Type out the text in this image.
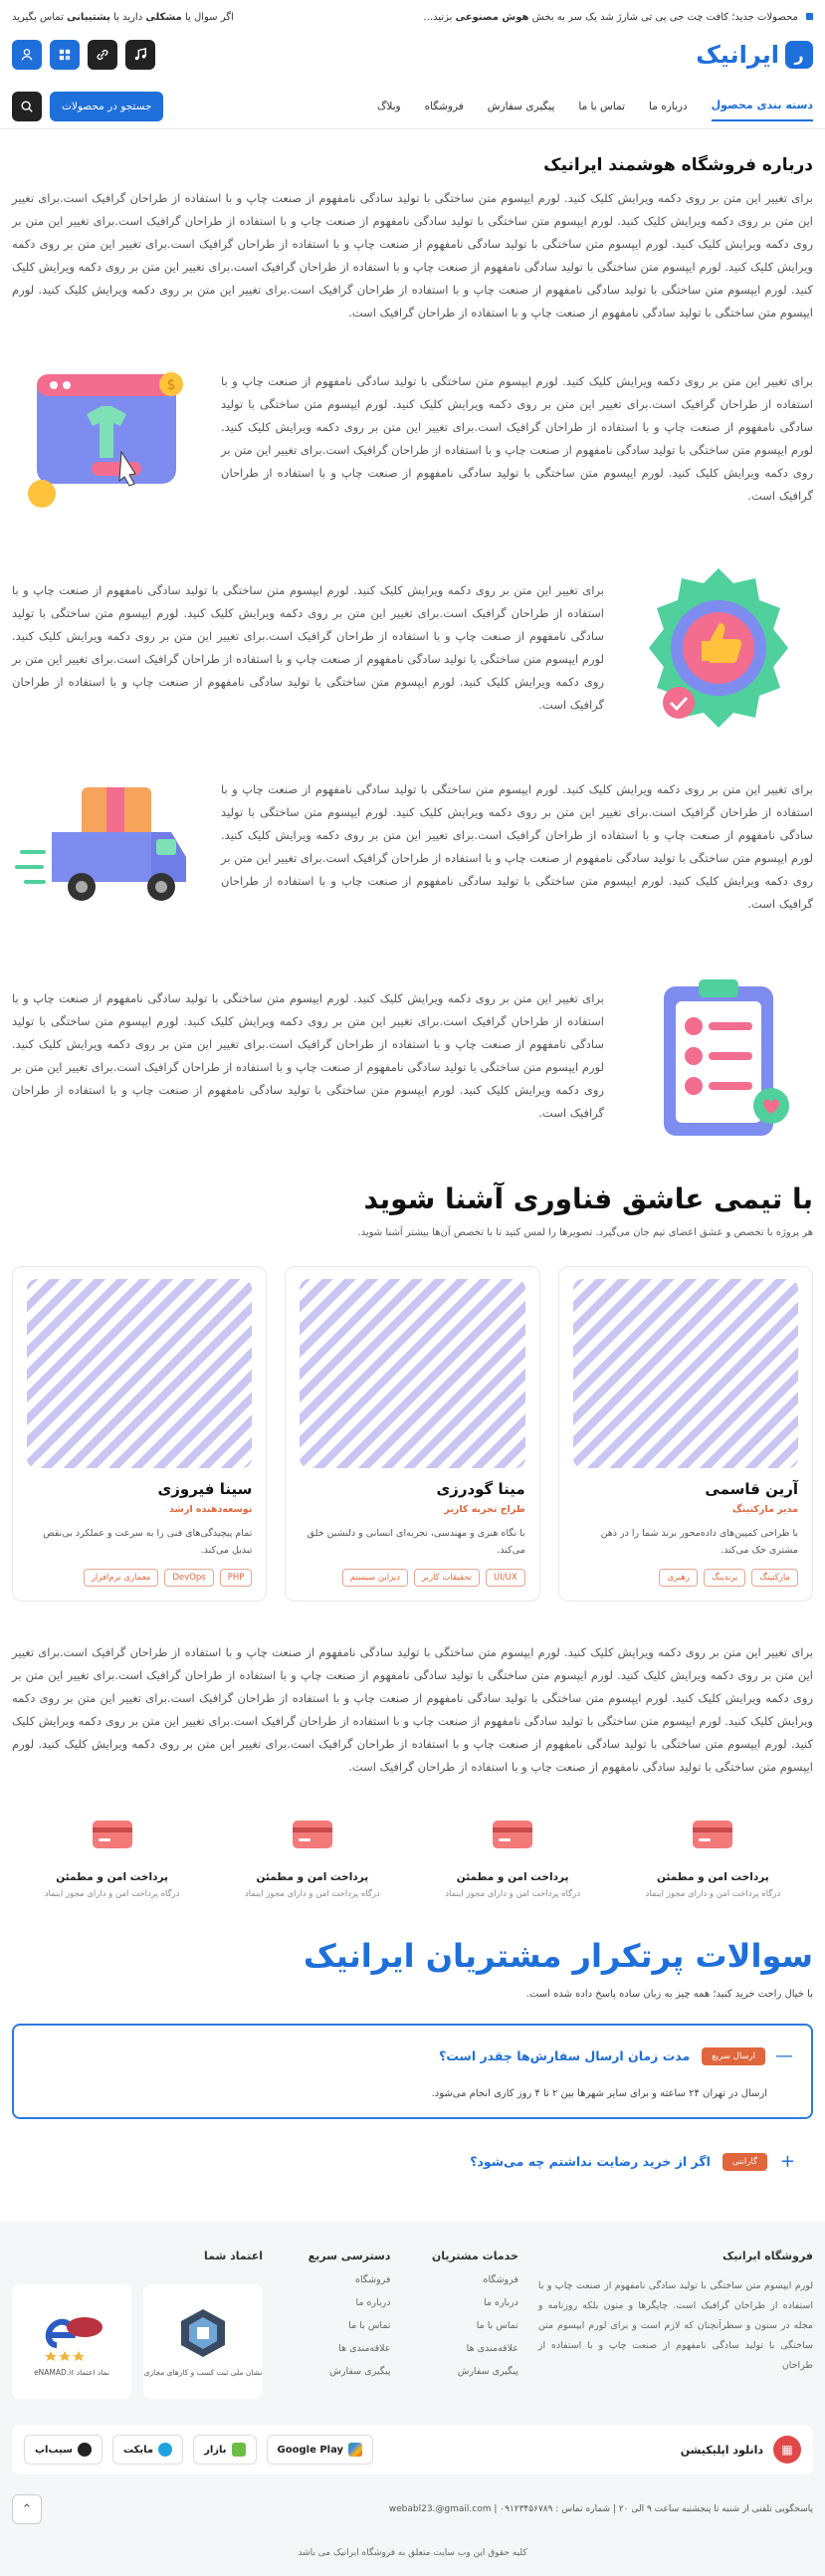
محصولات جدید؛ کافت چت جی پی تی شارژ شد یک سر به بخش هوش مصنوعی بزنید...
اگر سوال یا مشکلی دارید با پشتیبانی تماس بگیرید
ر
ایرانیک
دسته بندی محصول
درباره ما
تماس با ما
پیگیری سفارش
فروشگاه
وبلاگ
جستجو در محصولات
درباره فروشگاه هوشمند ایرانیک

برای تغییر این متن بر روی دکمه ویرایش کلیک کنید. لورم ایپسوم متن ساختگی با تولید سادگی نامفهوم از صنعت چاپ و با استفاده از طراحان گرافیک است.برای تغییر این متن بر روی دکمه ویرایش کلیک کنید. لورم ایپسوم متن ساختگی با تولید سادگی نامفهوم از صنعت چاپ و با استفاده از طراحان گرافیک است.برای تغییر این متن بر روی دکمه ویرایش کلیک کنید. لورم ایپسوم متن ساختگی با تولید سادگی نامفهوم از صنعت چاپ و با استفاده از طراحان گرافیک است.برای تغییر این متن بر روی دکمه ویرایش کلیک کنید. لورم ایپسوم متن ساختگی با تولید سادگی نامفهوم از صنعت چاپ و با استفاده از طراحان گرافیک است.برای تغییر این متن بر روی دکمه ویرایش کلیک کنید. لورم ایپسوم متن ساختگی با تولید سادگی نامفهوم از صنعت چاپ و با استفاده از طراحان گرافیک است.برای تغییر این متن بر روی دکمه ویرایش کلیک کنید. لورم ایپسوم متن ساختگی با تولید سادگی نامفهوم از صنعت چاپ و با استفاده از طراحان گرافیک است.

برای تغییر این متن بر روی دکمه ویرایش کلیک کنید. لورم ایپسوم متن ساختگی با تولید سادگی نامفهوم از صنعت چاپ و با استفاده از طراحان گرافیک است.برای تغییر این متن بر روی دکمه ویرایش کلیک کنید. لورم ایپسوم متن ساختگی با تولید سادگی نامفهوم از صنعت چاپ و با استفاده از طراحان گرافیک است.برای تغییر این متن بر روی دکمه ویرایش کلیک کنید. لورم ایپسوم متن ساختگی با تولید سادگی نامفهوم از صنعت چاپ و با استفاده از طراحان گرافیک است.برای تغییر این متن بر روی دکمه ویرایش کلیک کنید. لورم ایپسوم متن ساختگی با تولید سادگی نامفهوم از صنعت چاپ و با استفاده از طراحان گرافیک است.

$

برای تغییر این متن بر روی دکمه ویرایش کلیک کنید. لورم ایپسوم متن ساختگی با تولید سادگی نامفهوم از صنعت چاپ و با استفاده از طراحان گرافیک است.برای تغییر این متن بر روی دکمه ویرایش کلیک کنید. لورم ایپسوم متن ساختگی با تولید سادگی نامفهوم از صنعت چاپ و با استفاده از طراحان گرافیک است.برای تغییر این متن بر روی دکمه ویرایش کلیک کنید. لورم ایپسوم متن ساختگی با تولید سادگی نامفهوم از صنعت چاپ و با استفاده از طراحان گرافیک است.برای تغییر این متن بر روی دکمه ویرایش کلیک کنید. لورم ایپسوم متن ساختگی با تولید سادگی نامفهوم از صنعت چاپ و با استفاده از طراحان گرافیک است.

برای تغییر این متن بر روی دکمه ویرایش کلیک کنید. لورم ایپسوم متن ساختگی با تولید سادگی نامفهوم از صنعت چاپ و با استفاده از طراحان گرافیک است.برای تغییر این متن بر روی دکمه ویرایش کلیک کنید. لورم ایپسوم متن ساختگی با تولید سادگی نامفهوم از صنعت چاپ و با استفاده از طراحان گرافیک است.برای تغییر این متن بر روی دکمه ویرایش کلیک کنید. لورم ایپسوم متن ساختگی با تولید سادگی نامفهوم از صنعت چاپ و با استفاده از طراحان گرافیک است.برای تغییر این متن بر روی دکمه ویرایش کلیک کنید. لورم ایپسوم متن ساختگی با تولید سادگی نامفهوم از صنعت چاپ و با استفاده از طراحان گرافیک است.

برای تغییر این متن بر روی دکمه ویرایش کلیک کنید. لورم ایپسوم متن ساختگی با تولید سادگی نامفهوم از صنعت چاپ و با استفاده از طراحان گرافیک است.برای تغییر این متن بر روی دکمه ویرایش کلیک کنید. لورم ایپسوم متن ساختگی با تولید سادگی نامفهوم از صنعت چاپ و با استفاده از طراحان گرافیک است.برای تغییر این متن بر روی دکمه ویرایش کلیک کنید. لورم ایپسوم متن ساختگی با تولید سادگی نامفهوم از صنعت چاپ و با استفاده از طراحان گرافیک است.برای تغییر این متن بر روی دکمه ویرایش کلیک کنید. لورم ایپسوم متن ساختگی با تولید سادگی نامفهوم از صنعت چاپ و با استفاده از طراحان گرافیک است.

با تیمی عاشق فناوری آشنا شوید

هر پروژه با تخصص و عشق اعضای تیم جان می‌گیرد. تصویرها را لمس کنید تا با تخصص آن‌ها بیشتر آشنا شوید.

آرین قاسمی
مدیر مارکتینگ
با طراحی کمپین‌های داده‌محور برند شما را در ذهن مشتری حک می‌کند.
مارکتینگ
برندینگ
رهبری
مینا گودرزی
طراح تجربه کاربر
با نگاه هنری و مهندسی، تجربه‌ای انسانی و دلنشین خلق می‌کند.
UI/UX
تحقیقات کاربر
دیزاین سیستم
سینا فیروزی
توسعه‌دهنده ارشد
تمام پیچیدگی‌های فنی را به سرعت و عملکرد بی‌نقص تبدیل می‌کند.
PHP
DevOps
معماری نرم‌افزار

برای تغییر این متن بر روی دکمه ویرایش کلیک کنید. لورم ایپسوم متن ساختگی با تولید سادگی نامفهوم از صنعت چاپ و با استفاده از طراحان گرافیک است.برای تغییر این متن بر روی دکمه ویرایش کلیک کنید. لورم ایپسوم متن ساختگی با تولید سادگی نامفهوم از صنعت چاپ و با استفاده از طراحان گرافیک است.برای تغییر این متن بر روی دکمه ویرایش کلیک کنید. لورم ایپسوم متن ساختگی با تولید سادگی نامفهوم از صنعت چاپ و با استفاده از طراحان گرافیک است.برای تغییر این متن بر روی دکمه ویرایش کلیک کنید. لورم ایپسوم متن ساختگی با تولید سادگی نامفهوم از صنعت چاپ و با استفاده از طراحان گرافیک است.برای تغییر این متن بر روی دکمه ویرایش کلیک کنید. لورم ایپسوم متن ساختگی با تولید سادگی نامفهوم از صنعت چاپ و با استفاده از طراحان گرافیک است.برای تغییر این متن بر روی دکمه ویرایش کلیک کنید. لورم ایپسوم متن ساختگی با تولید سادگی نامفهوم از صنعت چاپ و با استفاده از طراحان گرافیک است.

پرداخت امن و مطمئن
درگاه پرداخت امن و دارای مجوز اینماد
پرداخت امن و مطمئن
درگاه پرداخت امن و دارای مجوز اینماد
پرداخت امن و مطمئن
درگاه پرداخت امن و دارای مجوز اینماد
پرداخت امن و مطمئن
درگاه پرداخت امن و دارای مجوز اینماد
سوالات پرتکرار مشتریان ایرانیک

با خیال راحت خرید کنید؛ همه چیز به زبان ساده پاسخ داده شده است.

—
ارسال سریع
مدت زمان ارسال سفارش‌ها چقدر است؟

ارسال در تهران ۲۴ ساعته و برای سایر شهرها بین ۲ تا ۴ روز کاری انجام می‌شود.

+
گارانتی
اگر از خرید رضایت نداشتم چه می‌شود؟
فروشگاه ایرانیک

لورم ایپسوم متن ساختگی با تولید سادگی نامفهوم از صنعت چاپ و با استفاده از طراحان گرافیک است. چاپگرها و متون بلکه روزنامه و مجله در ستون و سطرآنچنان که لازم است و برای لورم ایپسوم متن ساختگی با تولید سادگی نامفهوم از صنعت چاپ و با استفاده از طراحان

خدمات مشتریان
فروشگاه
درباره ما
تماس با ما
علاقه‌مندی ها
پیگیری سفارش
دسترسی سریع
فروشگاه
درباره ما
تماس با ما
علاقه‌مندی ها
پیگیری سفارش
اعتماد شما
نشان ملی ثبت کسب و کارهای مجازی
نماد اعتماد eNAMAD.ir
▦
دانلود اپلیکیشن
Google Play
بازار
مایکت
سیب‌اپ
پاسخگویی تلفنی از شنبه تا پنجشنبه ساعت ۹ الی ۲۰ | شماره تماس : ۰۹۱۲۳۴۵۶۷۸۹ | webabl23.@gmail.com
⌃

کلیه حقوق این وب سایت متعلق به فروشگاه ایرانیک می باشد
